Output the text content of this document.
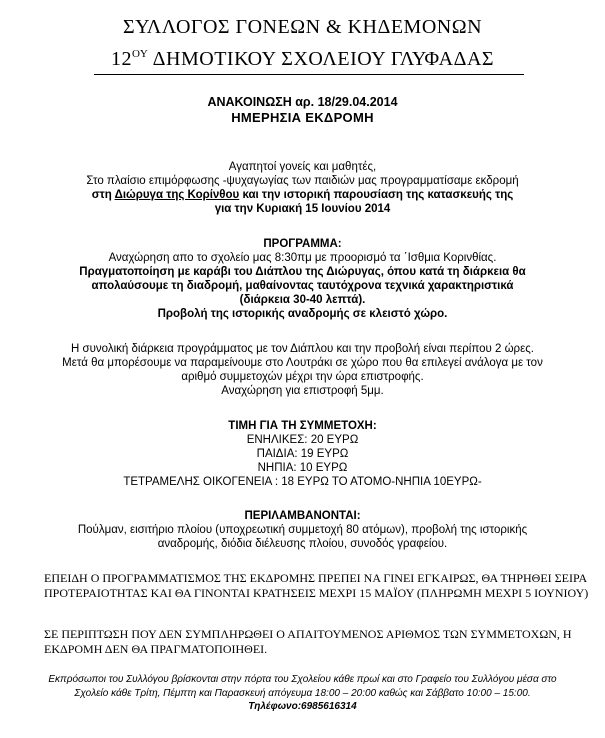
ΣΥΛΛΟΓΟΣ ΓΟΝΕΩΝ & ΚΗΔΕΜΟΝΩΝ
$12^{O\Upsilon}$ ΔΗΜΟΤΙΚΟΥ ΣΧΟΛΕΙΟΥ ΓΛΥΦΑΔΑΣ
ΑΝΑΚΟΙΝΩΣΗ αρ. 18/29.04.2014
ΗΜΕΡΗΣΙΑ ΕΚΔΡΟΜΗ
Αγαπητοί γονείς και μαθητές,
Στο πλαίσιο επιμόρφωσης -ψυχαγωγίας των παιδιών μας προγραμματίσαμε εκδρομή
στη Διώρυγα της Κορίνθου και την ιστορική παρουσίαση της κατασκευής της
για την Κυριακή 15 Ιουνίου 2014
ΠΡΟΓΡΑΜΜΑ:
Αναχώρηση απο το σχολείο μας 8:30πμ με προορισμό τα ΄Ισθμια Κορινθίας.
Πραγματοποίηση με καράβι του Διάπλου της Διώρυγας, όπου κατά τη διάρκεια θα
απολαύσουμε τη διαδρομή, μαθαίνοντας ταυτόχρονα τεχνικά χαρακτηριστικά
(διάρκεια 30-40 λεπτά).
Προβολή της ιστορικής αναδρομής σε κλειστό χώρο.
Η συνολική διάρκεια προγράμματος με τον Διάπλου και την προβολή είναι περίπου 2 ώρες.
Μετά θα μπορέσουμε να παραμείνουμε στο Λουτράκι σε χώρο που θα επιλεγεί ανάλογα με τον
αριθμό συμμετοχών μέχρι την ώρα επιστροφής.
Αναχώρηση για επιστροφή 5μμ.
ΤΙΜΗ ΓΙΑ ΤΗ ΣΥΜΜΕΤΟΧΗ:
ΕΝΗΛΙΚΕΣ: 20 ΕΥΡΩ
ΠΑΙΔΙΑ: 19 ΕΥΡΩ
ΝΗΠΙΑ: 10 ΕΥΡΩ
ΤΕΤΡΑΜΕΛΗΣ ΟΙΚΟΓΕΝΕΙΑ : 18 ΕΥΡΩ ΤΟ ΑΤΟΜΟ-ΝΗΠΙΑ 10ΕΥΡΩ-
ΠΕΡΙΛΑΜΒΑΝΟΝΤΑΙ:
Πούλμαν, εισιτήριο πλοίου (υποχρεωτική συμμετοχή 80 ατόμων), προβολή της ιστορικής
αναδρομής, διόδια διέλευσης πλοίου, συνοδός γραφείου.
ΕΠΕΙΔΗ Ο ΠΡΟΓΡΑΜΜΑΤΙΣΜΟΣ ΤΗΣ ΕΚΔΡΟΜΗΣ ΠΡΕΠΕΙ ΝΑ ΓΙΝΕΙ ΕΓΚΑΙΡΩΣ, ΘΑ ΤΗΡΗΘΕΙ ΣΕΙΡΑ ΠΡΟΤΕΡΑΙΟΤΗΤΑΣ ΚΑΙ ΘΑ ΓΙΝΟΝΤΑΙ ΚΡΑΤΗΣΕΙΣ ΜΕΧΡΙ 15 ΜΑΪΟΥ (ΠΛΗΡΩΜΗ ΜΕΧΡΙ 5 ΙΟΥΝΙΟΥ)
ΣΕ ΠΕΡΙΠΤΩΣΗ ΠΟΥ ΔΕΝ ΣΥΜΠΛΗΡΩΘΕΙ Ο ΑΠΑΙΤΟΥΜΕΝΟΣ ΑΡΙΘΜΟΣ ΤΩΝ ΣΥΜΜΕΤΟΧΩΝ, Η ΕΚΔΡΟΜΗ ΔΕΝ ΘΑ ΠΡΑΓΜΑΤΟΠΟΙΗΘΕΙ.
Εκπρόσωποι του Συλλόγου βρίσκονται στην πόρτα του Σχολείου κάθε πρωί και στο Γραφείο του Συλλόγου μέσα στο
Σχολείο κάθε Τρίτη, Πέμπτη και Παρασκευή απόγευμα 18:00 – 20:00 καθώς και Σάββατο 10:00 – 15:00.
Τηλέφωνο:6985616314
